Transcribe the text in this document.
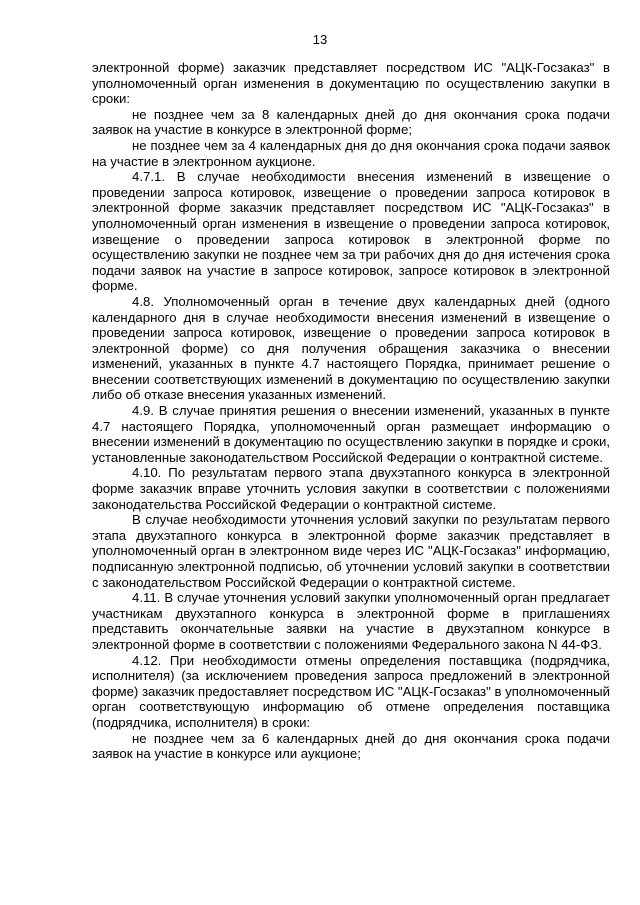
13

электронной форме) заказчик представляет посредством ИС "АЦК-Госзаказ" в уполномоченный орган изменения в документацию по осуществлению закупки в сроки:

не позднее чем за 8 календарных дней до дня окончания срока подачи заявок на участие в конкурсе в электронной форме;

не позднее чем за 4 календарных дня до дня окончания срока подачи заявок на участие в электронном аукционе.

4.7.1. В случае необходимости внесения изменений в извещение о проведении запроса котировок, извещение о проведении запроса котировок в электронной форме заказчик представляет посредством ИС "АЦК-Госзаказ" в уполномоченный орган изменения в извещение о проведении запроса котировок, извещение о проведении запроса котировок в электронной форме по осуществлению закупки не позднее чем за три рабочих дня до дня истечения срока подачи заявок на участие в запросе котировок, запросе котировок в электронной форме.

4.8. Уполномоченный орган в течение двух календарных дней (одного календарного дня в случае необходимости внесения изменений в извещение о проведении запроса котировок, извещение о проведении запроса котировок в электронной форме) со дня получения обращения заказчика о внесении изменений, указанных в пункте 4.7 настоящего Порядка, принимает решение о внесении соответствующих изменений в документацию по осуществлению закупки либо об отказе внесения указанных изменений.

4.9. В случае принятия решения о внесении изменений, указанных в пункте 4.7 настоящего Порядка, уполномоченный орган размещает информацию о внесении изменений в документацию по осуществлению закупки в порядке и сроки, установленные законодательством Российской Федерации о контрактной системе.

4.10. По результатам первого этапа двухэтапного конкурса в электронной форме заказчик вправе уточнить условия закупки в соответствии с положениями законодательства Российской Федерации о контрактной системе.

В случае необходимости уточнения условий закупки по результатам первого этапа двухэтапного конкурса в электронной форме заказчик представляет в уполномоченный орган в электронном виде через ИС "АЦК-Госзаказ" информацию, подписанную электронной подписью, об уточнении условий закупки в соответствии с законодательством Российской Федерации о контрактной системе.

4.11. В случае уточнения условий закупки уполномоченный орган предлагает участникам двухэтапного конкурса в электронной форме в приглашениях представить окончательные заявки на участие в двухэтапном конкурсе в электронной форме в соответствии с положениями Федерального закона N 44-ФЗ.

4.12. При необходимости отмены определения поставщика (подрядчика, исполнителя) (за исключением проведения запроса предложений в электронной форме) заказчик предоставляет посредством ИС "АЦК-Госзаказ" в уполномоченный орган соответствующую информацию об отмене определения поставщика (подрядчика, исполнителя) в сроки:

не позднее чем за 6 календарных дней до дня окончания срока подачи заявок на участие в конкурсе или аукционе;
